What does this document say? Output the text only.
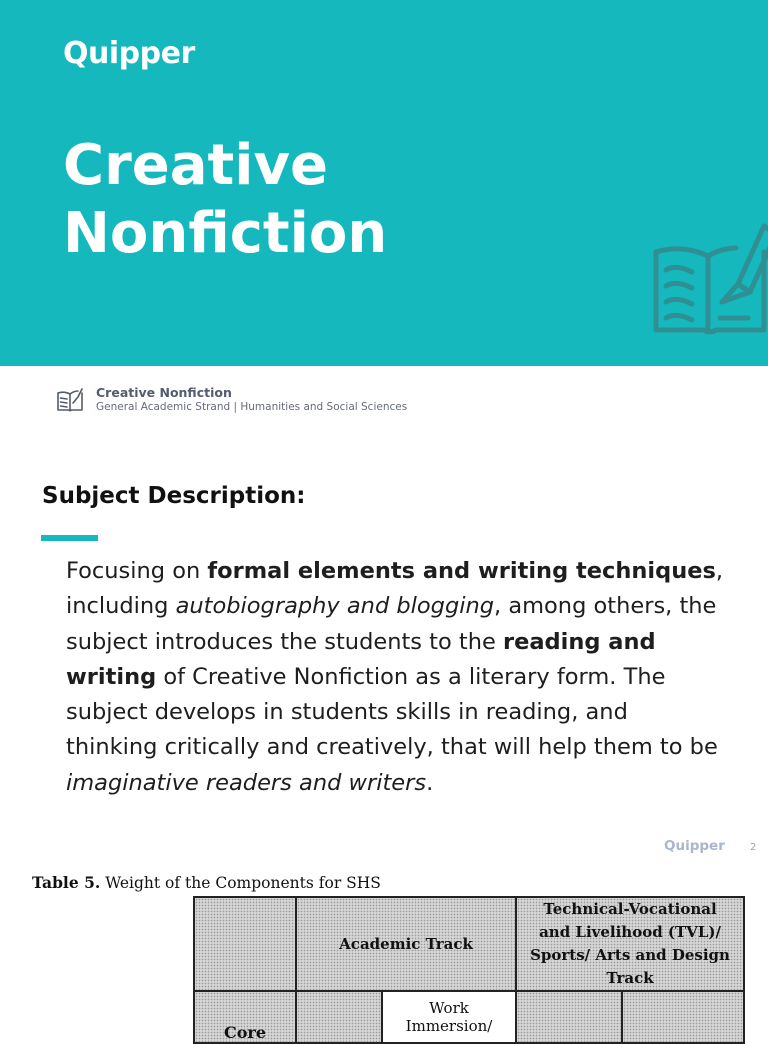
Quipper
Creative
Nonfiction
Creative Nonfiction
General Academic Strand | Humanities and Social Sciences
Subject Description:

Focusing on formal elements and writing techniques, including autobiography and blogging, among others, the subject introduces the students to the reading and writing of Creative Nonfiction as a literary form. The subject develops in students skills in reading, and thinking critically and creatively, that will help them to be imaginative readers and writers.

Quipper	2
Table 5. Weight of the Components for SHS
	Academic Track		Technical-Vocational
and Livelihood (TVL)/
Sports/ Arts and Design
Track	

Core		Work
Immersion/		
